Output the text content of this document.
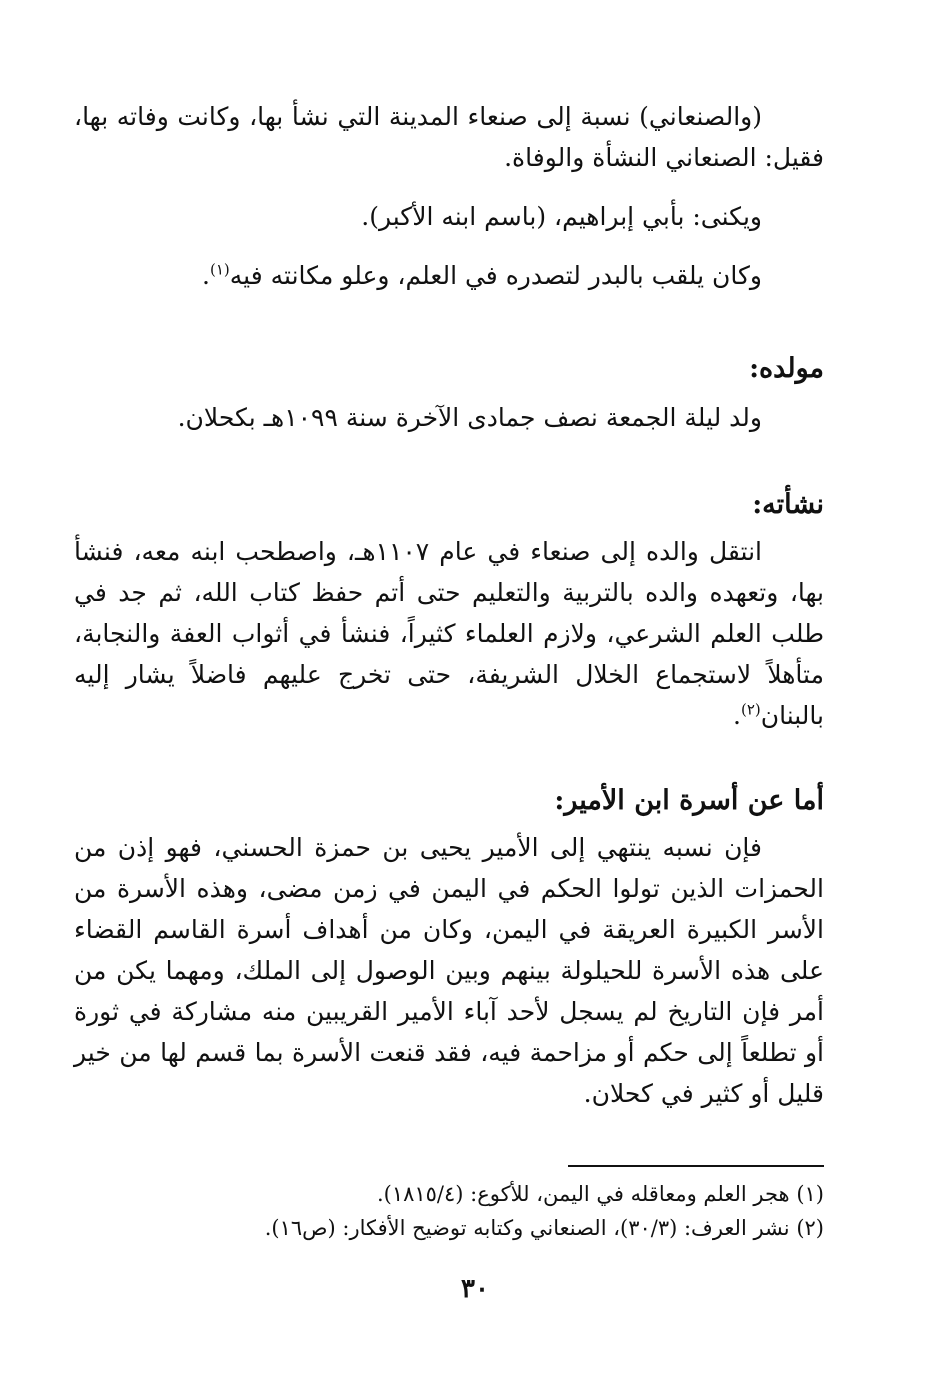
(والصنعاني) نسبة إلى صنعاء المدينة التي نشأ بها، وكانت وفاته بها، فقيل: الصنعاني النشأة والوفاة.

ويكنى: بأبي إبراهيم، (باسم ابنه الأكبر).

وكان يلقب بالبدر لتصدره في العلم، وعلو مكانته فيه$^{(١)}$.

مولده:

ولد ليلة الجمعة نصف جمادى الآخرة سنة ١٠٩٩هـ بكحلان.

نشأته:

انتقل والده إلى صنعاء في عام ١١٠٧هـ، واصطحب ابنه معه، فنشأ بها، وتعهده والده بالتربية والتعليم حتى أتم حفظ كتاب الله، ثم جد في طلب العلم الشرعي، ولازم العلماء كثيراً، فنشأ في أثواب العفة والنجابة، متأهلاً لاستجماع الخلال الشريفة، حتى تخرج عليهم فاضلاً يشار إليه بالبنان$^{(٢)}$.

أما عن أسرة ابن الأمير:

فإن نسبه ينتهي إلى الأمير يحيى بن حمزة الحسني، فهو إذن من الحمزات الذين تولوا الحكم في اليمن في زمن مضى، وهذه الأسرة من الأسر الكبيرة العريقة في اليمن، وكان من أهداف أسرة القاسم القضاء على هذه الأسرة للحيلولة بينهم وبين الوصول إلى الملك، ومهما يكن من أمر فإن التاريخ لم يسجل لأحد آباء الأمير القريبين منه مشاركة في ثورة أو تطلعاً إلى حكم أو مزاحمة فيه، فقد قنعت الأسرة بما قسم لها من خير قليل أو كثير في كحلان.

(١) هجر العلم ومعاقله في اليمن، للأكوع: (١٨١٥/٤).

(٢) نشر العرف: (٣٠/٣)، الصنعاني وكتابه توضيح الأفكار: (ص١٦).

٣٠
